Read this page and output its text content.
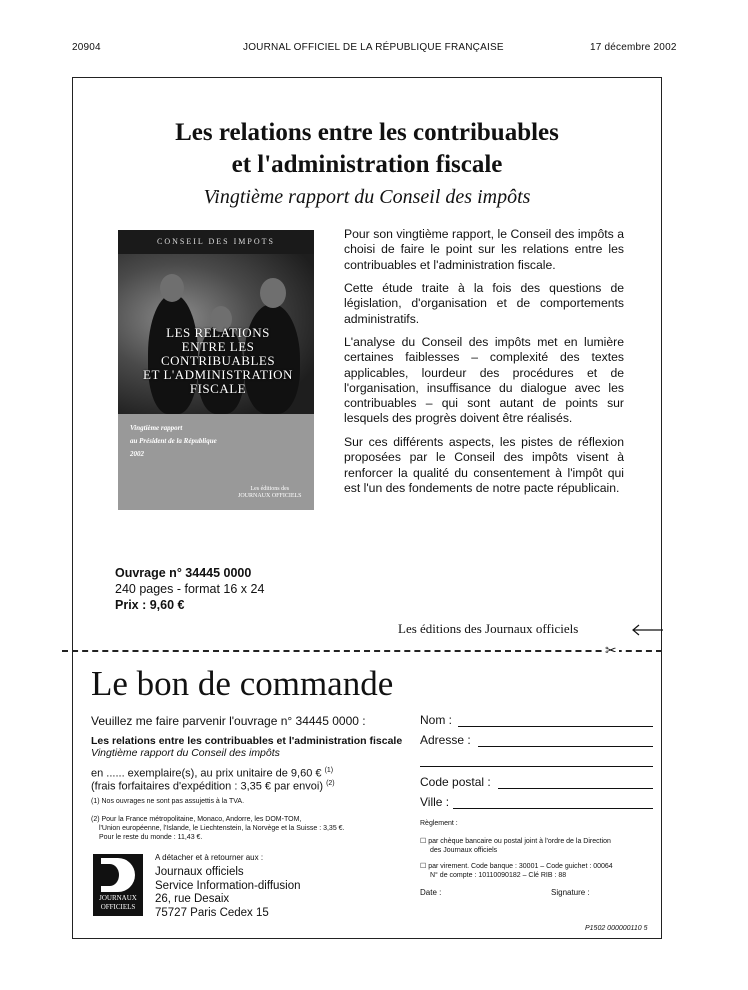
20904	JOURNAL OFFICIEL DE LA RÉPUBLIQUE FRANÇAISE	17 décembre 2002
Les relations entre les contribuables
et l'administration fiscale
Vingtième rapport du Conseil des impôts
CONSEIL DES IMPOTS
LES RELATIONS
ENTRE LES CONTRIBUABLES
ET L'ADMINISTRATION FISCALE
Vingtième rapport
au Président de la République
2002
Les éditions des
JOURNAUX OFFICIELS
Pour son vingtième rapport, le Conseil des impôts a choisi de faire le point sur les relations entre les contribuables et l'administration fiscale.
Cette étude traite à la fois des questions de législation, d'organisation et de comportements administratifs.
L'analyse du Conseil des impôts met en lumière certaines faiblesses – complexité des textes applicables, lourdeur des procédures et de l'organisation, insuffisance du dialogue avec les contribuables – qui sont autant de points sur lesquels des progrès doivent être réalisés.
Sur ces différents aspects, les pistes de réflexion proposées par le Conseil des impôts visent à renforcer la qualité du consentement à l'impôt qui est l'un des fondements de notre pacte républicain.
Ouvrage n° 34445 0000
240 pages - format 16 x 24
Prix : 9,60 €
Les éditions des Journaux officiels
✂
Le bon de commande
Veuillez me faire parvenir l'ouvrage n° 34445 0000 :
Les relations entre les contribuables et l'administration fiscale
Vingtième rapport du Conseil des impôts
en ...... exemplaire(s), au prix unitaire de 9,60 € $^{(1)}$
(frais forfaitaires d'expédition : 3,35 € par envoi) $^{(2)}$
(1) Nos ouvrages ne sont pas assujettis à la TVA.
(2) Pour la France métropolitaine, Monaco, Andorre, les DOM-TOM,
l'Union européenne, l'Islande, le Liechtenstein, la Norvège et la Suisse : 3,35 €.
Pour le reste du monde : 11,43 €.
JOURNAUX
OFFICIELS
A détacher et à retourner aux :
Journaux officiels
Service Information-diffusion
26, rue Desaix
75727 Paris Cedex 15
Nom :
Adresse :
Code postal :
Ville :
Règlement :
☐ par chèque bancaire ou postal joint à l'ordre de la Direction
des Journaux officiels
☐ par virement. Code banque : 30001 – Code guichet : 00064
N° de compte : 10110090182 – Clé RIB : 88
Date :	Signature :
P1502 000000110 5
